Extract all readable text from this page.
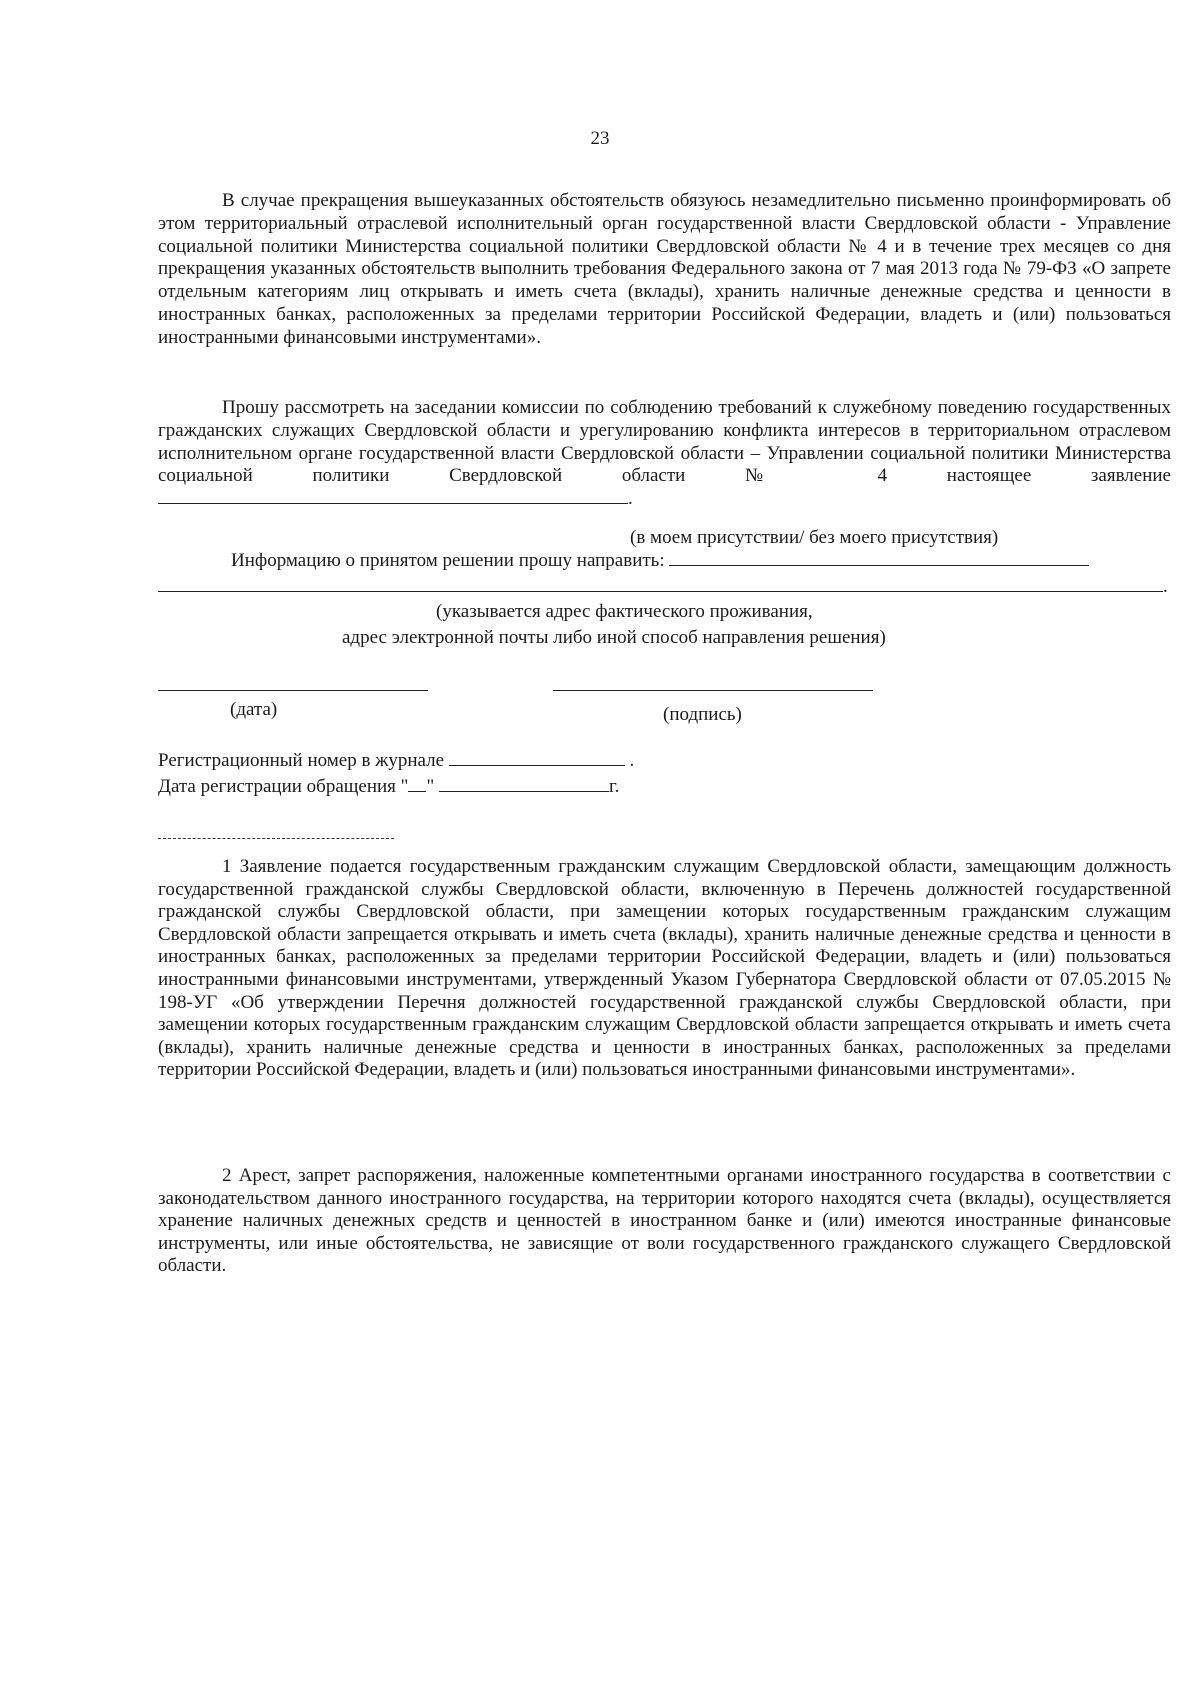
23

В случае прекращения вышеуказанных обстоятельств обязуюсь незамедлительно письменно проинформировать об этом территориальный отраслевой исполнительный орган государственной власти Свердловской области - Управление социальной политики Министерства социальной политики Свердловской области № 4 и в течение трех месяцев со дня прекращения указанных обстоятельств выполнить требования Федерального закона от 7 мая 2013 года № 79-ФЗ «О запрете отдельным категориям лиц открывать и иметь счета (вклады), хранить наличные денежные средства и ценности в иностранных банках, расположенных за пределами территории Российской Федерации, владеть и (или) пользоваться иностранными финансовыми инструментами».

Прошу рассмотреть на заседании комиссии по соблюдению требований к служебному поведению государственных гражданских служащих Свердловской области и урегулированию конфликта интересов в территориальном отраслевом исполнительном органе государственной власти Свердловской области – Управлении социальной политики Министерства социальной политики Свердловской области № 4 настоящее заявление .

(в моем присутствии/ без моего присутствия)
Информацию о принятом решении прошу направить:
.
(указывается адрес фактического проживания,
адрес электронной почты либо иной способ направления решения)

(дата)	(подпись)
Регистрационный номер в журнале	.
Дата регистрации обращения " "	г.

1 Заявление подается государственным гражданским служащим Свердловской области, замещающим должность государственной гражданской службы Свердловской области, включенную в Перечень должностей государственной гражданской службы Свердловской области, при замещении которых государственным гражданским служащим Свердловской области запрещается открывать и иметь счета (вклады), хранить наличные денежные средства и ценности в иностранных банках, расположенных за пределами территории Российской Федерации, владеть и (или) пользоваться иностранными финансовыми инструментами, утвержденный Указом Губернатора Свердловской области от 07.05.2015 № 198-УГ «Об утверждении Перечня должностей государственной гражданской службы Свердловской области, при замещении которых государственным гражданским служащим Свердловской области запрещается открывать и иметь счета (вклады), хранить наличные денежные средства и ценности в иностранных банках, расположенных за пределами территории Российской Федерации, владеть и (или) пользоваться иностранными финансовыми инструментами».

2 Арест, запрет распоряжения, наложенные компетентными органами иностранного государства в соответствии с законодательством данного иностранного государства, на территории которого находятся счета (вклады), осуществляется хранение наличных денежных средств и ценностей в иностранном банке и (или) имеются иностранные финансовые инструменты, или иные обстоятельства, не зависящие от воли государственного гражданского служащего Свердловской области.
